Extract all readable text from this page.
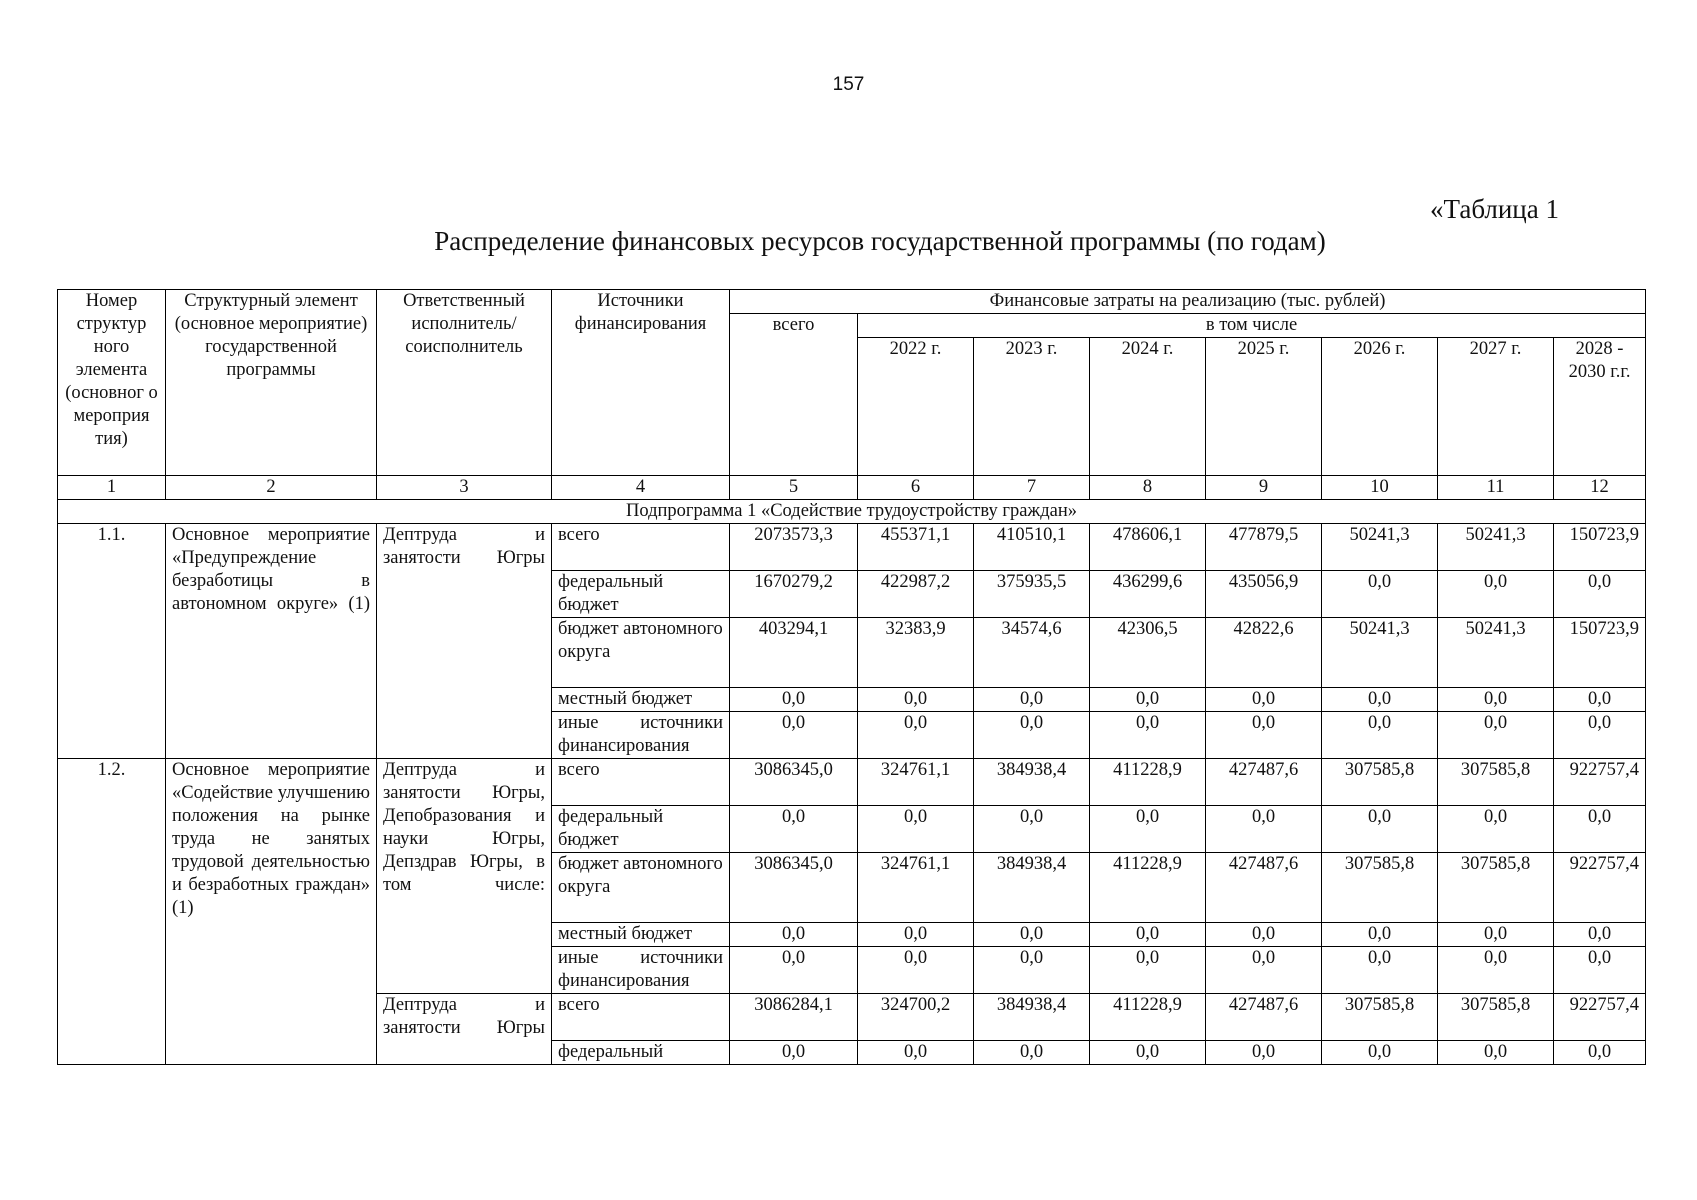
157
«Таблица 1
Распределение финансовых ресурсов государственной программы (по годам)
Номер структур ного элемента (основног о мероприя тия)	Структурный элемент (основное мероприятие) государственной программы	Ответственный исполнитель/ соисполнитель	Источники финансирования	Финансовые затраты на реализацию (тыс. рублей)							
				всего	в том числе						
					2022 г.	2023 г.	2024 г.	2025 г.	2026 г.	2027 г.	2028 - 2030 г.г.
1	2	3	4	5	6	7	8	9	10	11	12
Подпрограмма 1 «Содействие трудоустройству граждан»											
1.1.	Основное мероприятие «Предупреждение безработицы в автономном округе» (1)	Дептруда и занятости Югры	всего	2073573,3	455371,1	410510,1	478606,1	477879,5	50241,3	50241,3	150723,9
			федеральный бюджет	1670279,2	422987,2	375935,5	436299,6	435056,9	0,0	0,0	0,0
			бюджет автономного округа	403294,1	32383,9	34574,6	42306,5	42822,6	50241,3	50241,3	150723,9
			местный бюджет	0,0	0,0	0,0	0,0	0,0	0,0	0,0	0,0
			иные источники финансирования	0,0	0,0	0,0	0,0	0,0	0,0	0,0	0,0
1.2.	Основное мероприятие «Содействие улучшению положения на рынке труда не занятых трудовой деятельностью и безработных граждан» (1)	Дептруда и занятости Югры, Депобразования и науки Югры, Депздрав Югры, в том числе:	всего	3086345,0	324761,1	384938,4	411228,9	427487,6	307585,8	307585,8	922757,4
			федеральный бюджет	0,0	0,0	0,0	0,0	0,0	0,0	0,0	0,0
			бюджет автономного округа	3086345,0	324761,1	384938,4	411228,9	427487,6	307585,8	307585,8	922757,4
			местный бюджет	0,0	0,0	0,0	0,0	0,0	0,0	0,0	0,0
			иные источники финансирования	0,0	0,0	0,0	0,0	0,0	0,0	0,0	0,0
		Дептруда и занятости Югры	всего	3086284,1	324700,2	384938,4	411228,9	427487,6	307585,8	307585,8	922757,4
			федеральный	0,0	0,0	0,0	0,0	0,0	0,0	0,0	0,0
